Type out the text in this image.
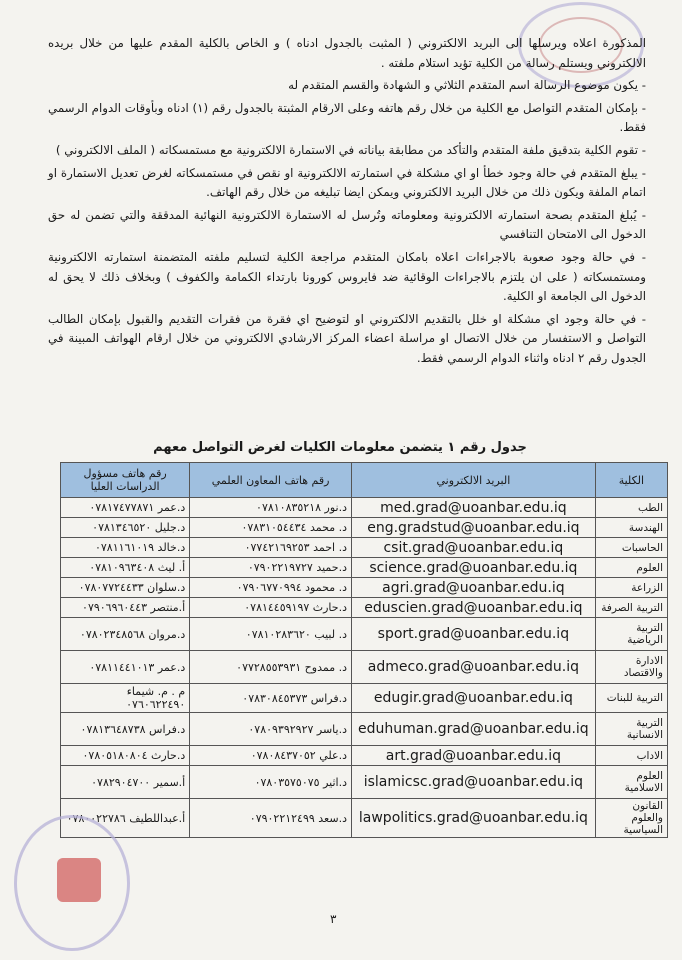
المذكورة اعلاه ويرسلها الى البريد الالكتروني ( المثبت بالجدول ادناه ) و الخاص بالكلية المقدم عليها من خلال بريده الالكتروني ويستلم رسالة من الكلية تؤيد استلام ملفته .

- يكون موضوع الرسالة اسم المتقدم الثلاثي و الشهادة والقسم المتقدم له

- بإمكان المتقدم التواصل مع الكلية من خلال رقم هاتفه وعلى الارقام المثبتة بالجدول رقم (١) ادناه وبأوقات الدوام الرسمي فقط.

- تقوم الكلية بتدقيق ملفة المتقدم والتأكد من مطابقة بياناته في الاستمارة الالكترونية مع مستمسكاته ( الملف الالكتروني )

- يبلغ المتقدم في حالة وجود خطأ او اي مشكلة في استمارته الالكترونية او نقص في مستمسكاته لغرض تعديل الاستمارة او اتمام الملفة ويكون ذلك من خلال البريد الالكتروني ويمكن ايضا تبليغه من خلال رقم الهاتف.

- يُبلغ المتقدم بصحة استمارته الالكترونية ومعلوماته وتُرسل له الاستمارة الالكترونية النهائية المدققة والتي تضمن له حق الدخول الى الامتحان التنافسي

- في حالة وجود صعوبة بالاجراءات اعلاه بامكان المتقدم مراجعة الكلية لتسليم ملفته المتضمنة استمارته الالكترونية ومستمسكاته ( على ان يلتزم بالاجراءات الوقائية ضد فايروس كورونا بارتداء الكمامة والكفوف ) وبخلاف ذلك لا يحق له الدخول الى الجامعة او الكلية.

- في حالة وجود اي مشكلة او خلل بالتقديم الالكتروني او لتوضيح اي فقرة من فقرات التقديم والقبول بإمكان الطالب التواصل و الاستفسار من خلال الاتصال او مراسلة اعضاء المركز الارشادي الالكتروني من خلال ارقام الهواتف المبينة في الجدول رقم ٢ ادناه واثناء الدوام الرسمي فقط.

جدول رقم ١ يتضمن معلومات الكليات لغرض التواصل معهم
الكلية	البريد الالكتروني	رقم هاتف المعاون العلمي	رقم هاتف مسؤول الدراسات العليا
الطب	med.grad@uoanbar.edu.iq	د.نور ٠٧٨١٠٨٣٥٢١٨	د.عمر ٠٧٨١٧٤٧٧٨٧١
الهندسة	eng.gradstud@uoanbar.edu.iq	د. محمد ٠٧٨٣١٠٥٤٤٣٤	د.جليل ٠٧٨١٣٤٦٥٢٠
الحاسبات	csit.grad@uoanbar.edu.iq	د. احمد ٠٧٧٤٢١٦٩٢٥٣	د.خالد ٠٧٨١١٦١٠١٩
العلوم	science.grad@uoanbar.edu.iq	د.حميد ٠٧٩٠٢٢١٩٧٢٧	أ. ليث ٠٧٨١٠٩٦٣٤٠٨
الزراعة	agri.grad@uoanbar.edu.iq	د. محمود ٠٧٩٠٦٧٧٠٩٩٤	د.سلوان ٠٧٨٠٧٧٢٤٤٣٣
التربية الصرفة	eduscien.grad@uoanbar.edu.iq	د.حارث ٠٧٨١٤٤٥٩١٩٧	أ.منتصر ٠٧٩٠٦٩٦٠٤٤٣
التربية الرياضية	sport.grad@uoanbar.edu.iq	د. لبيب ٠٧٨١٠٢٨٣٦٢٠	د.مروان ٠٧٨٠٢٣٤٨٥٦٨
الادارة والاقتصاد	admeco.grad@uoanbar.edu.iq	د. ممدوح ٠٧٧٢٨٥٥٣٩٣١	د.عمر ٠٧٨١١٤٤١٠١٣
التربية للبنات	edugir.grad@uoanbar.edu.iq	د.فراس ٠٧٨٣٠٨٤٥٣٧٣	م . م. شيماء ٠٧٦٠٦٢٢٤٩٠
التربية الانسانية	eduhuman.grad@uoanbar.edu.iq	د.ياسر ٠٧٨٠٩٣٩٢٩٢٧	د.فراس ٠٧٨١٣٦٤٨٧٣٨
الاداب	art.grad@uoanbar.edu.iq	د.علي ٠٧٨٠٨٤٣٧٠٥٢	د.حارث ٠٧٨٠٥١٨٠٨٠٤
العلوم الاسلامية	islamicsc.grad@uoanbar.edu.iq	د.اثير ٠٧٨٠٣٥٧٥٠٧٥	أ.سمير ٠٧٨٢٩٠٤٧٠٠
القانون والعلوم السياسية	lawpolitics.grad@uoanbar.edu.iq	د.سعد ٠٧٩٠٢٢١٢٤٩٩	أ.عبداللطيف ٠٧٨٠٠٢٢٧٨٦
٣
